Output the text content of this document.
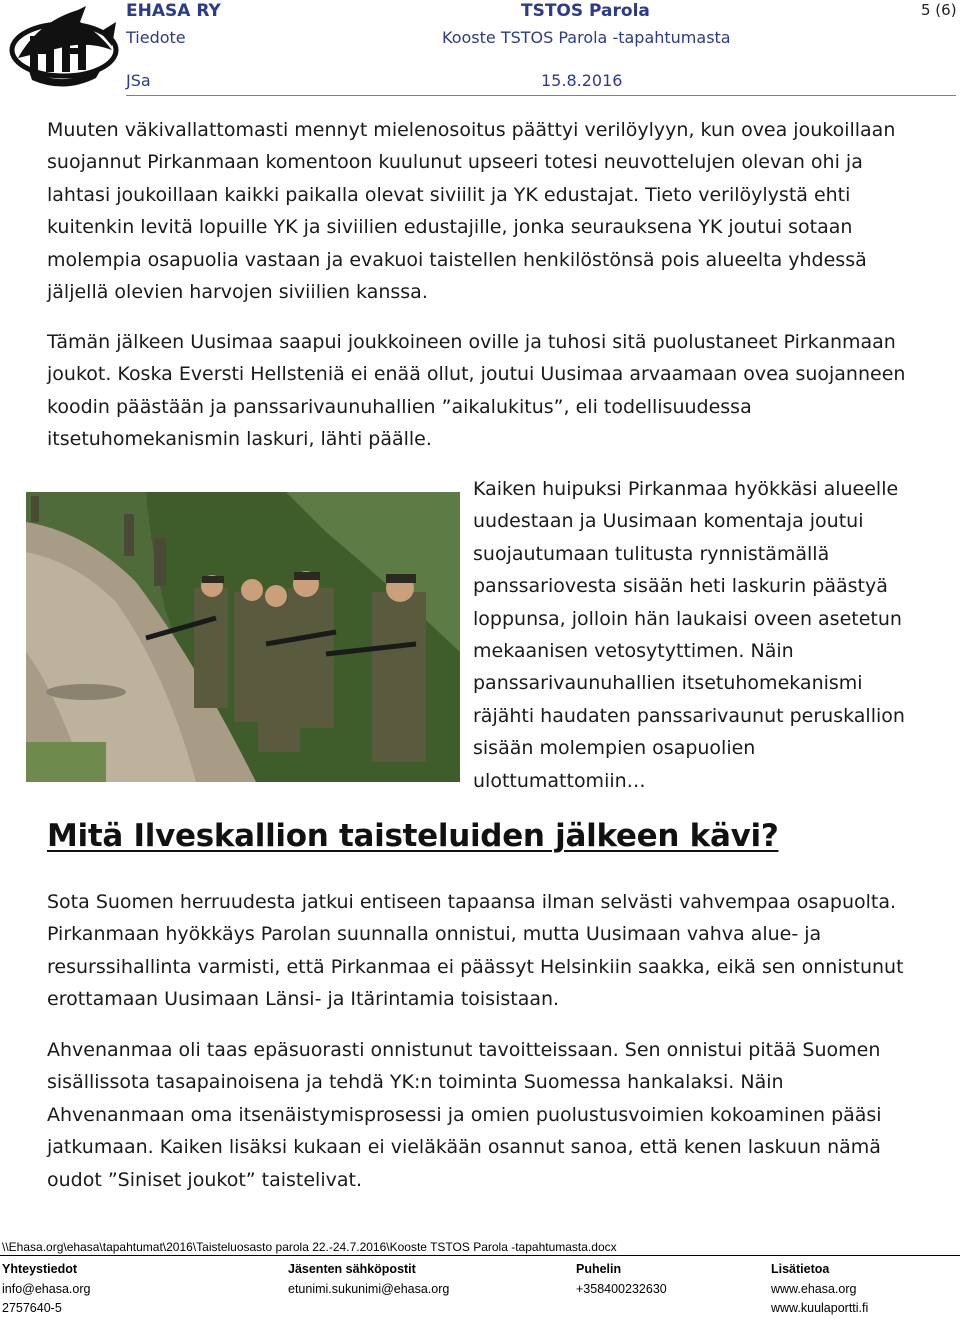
EHASA RY
Tiedote
JSa
TSTOS Parola
Kooste TSTOS Parola -tapahtumasta
15.8.2016
5 (6)

Muuten väkivallattomasti mennyt mielenosoitus päättyi verilöylyyn, kun ovea joukoillaan suojannut Pirkanmaan komentoon kuulunut upseeri totesi neuvottelujen olevan ohi ja lahtasi joukoillaan kaikki paikalla olevat siviilit ja YK edustajat. Tieto verilöylystä ehti kuitenkin levitä lopuille YK ja siviilien edustajille, jonka seurauksena YK joutui sotaan molempia osapuolia vastaan ja evakuoi taistellen henkilöstönsä pois alueelta yhdessä jäljellä olevien harvojen siviilien kanssa.

Tämän jälkeen Uusimaa saapui joukkoineen oville ja tuhosi sitä puolustaneet Pirkanmaan joukot. Koska Eversti Hellsteniä ei enää ollut, joutui Uusimaa arvaamaan ovea suojanneen koodin päästään ja panssarivaunuhallien ”aikalukitus”, eli todellisuudessa itsetuhomekanismin laskuri, lähti päälle.

Kaiken huipuksi Pirkanmaa hyökkäsi alueelle uudestaan ja Uusimaan komentaja joutui suojautumaan tulitusta rynnistämällä panssariovesta sisään heti laskurin päästyä loppunsa, jolloin hän laukaisi oveen asetetun mekaanisen vetosytyttimen. Näin panssarivaunuhallien itsetuhomekanismi räjähti haudaten panssarivaunut peruskallion sisään molempien osapuolien ulottumattomiin…

Mitä Ilveskallion taisteluiden jälkeen kävi?

Sota Suomen herruudesta jatkui entiseen tapaansa ilman selvästi vahvempaa osapuolta. Pirkanmaan hyökkäys Parolan suunnalla onnistui, mutta Uusimaan vahva alue- ja resurssihallinta varmisti, että Pirkanmaa ei päässyt Helsinkiin saakka, eikä sen onnistunut erottamaan Uusimaan Länsi- ja Itärintamia toisistaan.

Ahvenanmaa oli taas epäsuorasti onnistunut tavoitteissaan. Sen onnistui pitää Suomen sisällissota tasapainoisena ja tehdä YK:n toiminta Suomessa hankalaksi. Näin Ahvenanmaan oma itsenäistymisprosessi ja omien puolustusvoimien kokoaminen pääsi jatkumaan. Kaiken lisäksi kukaan ei vieläkään osannut sanoa, että kenen laskuun nämä oudot ”Siniset joukot” taistelivat.

\\Ehasa.org\ehasa\tapahtumat\2016\Taisteluosasto parola 22.-24.7.2016\Kooste TSTOS Parola -tapahtumasta.docx
Yhteystiedot
info@ehasa.org
2757640-5
Jäsenten sähköpostit
etunimi.sukunimi@ehasa.org
Puhelin
+358400232630
Lisätietoa
www.ehasa.org
www.kuulaportti.fi
